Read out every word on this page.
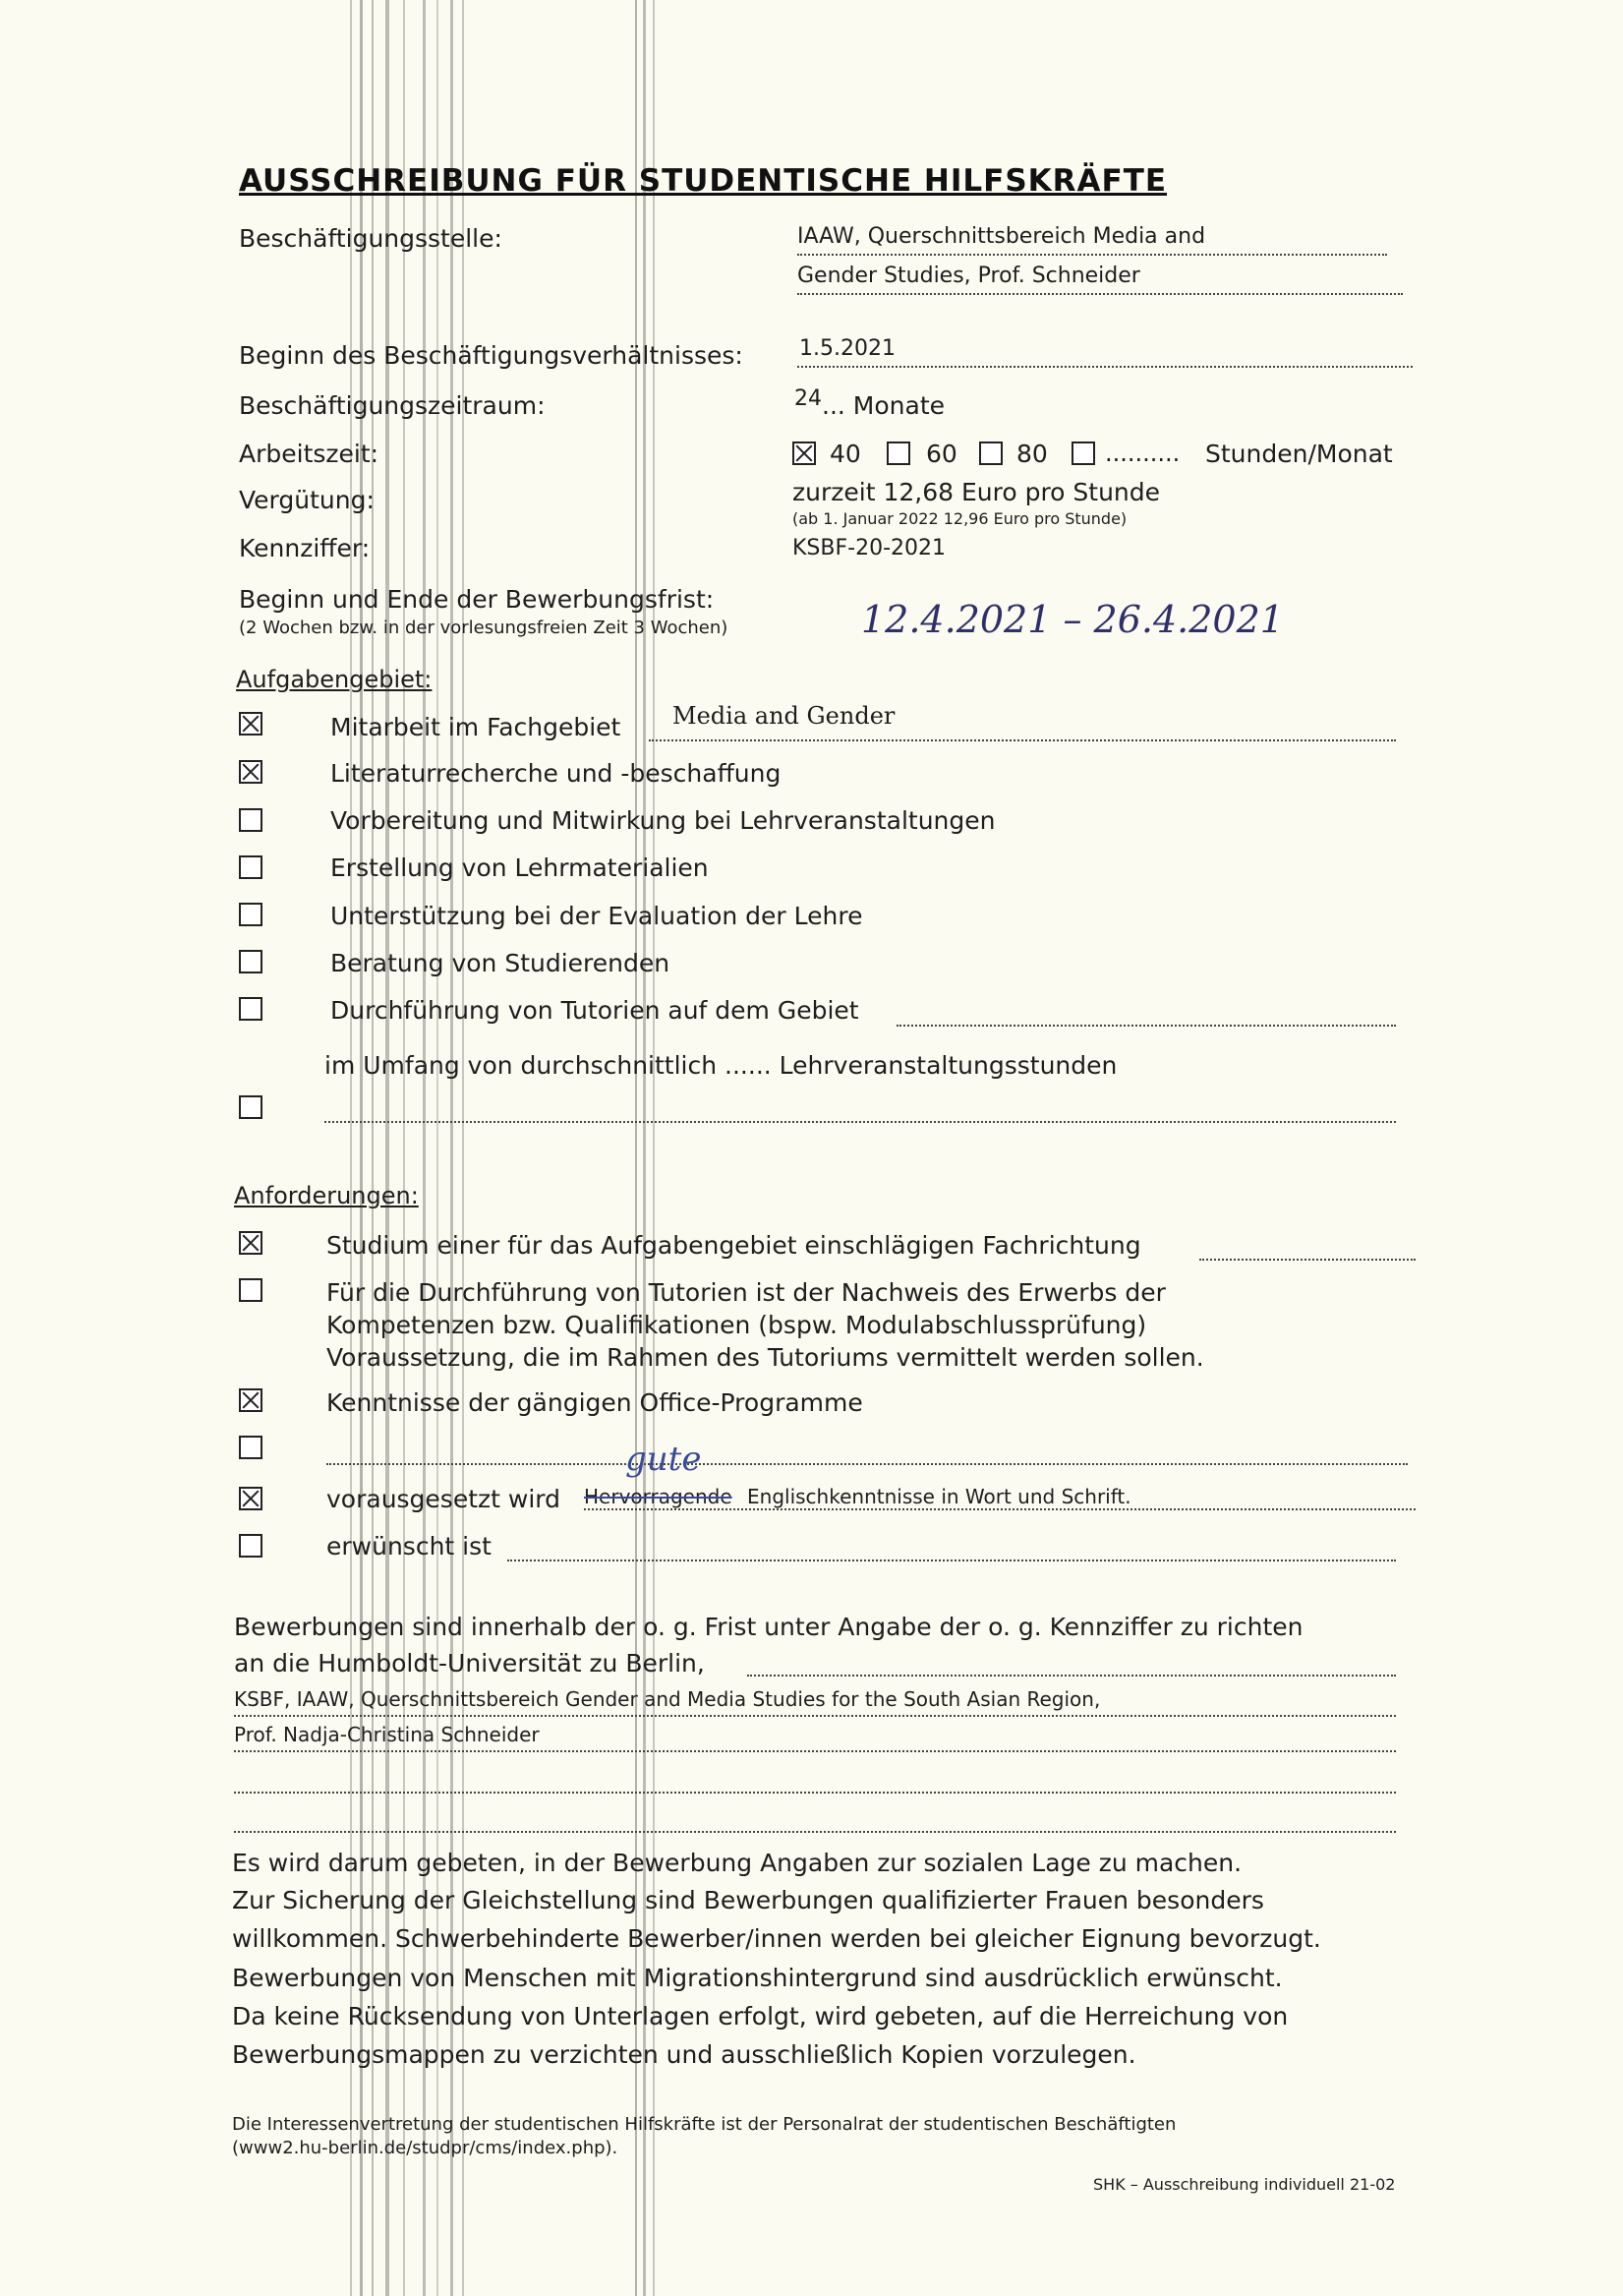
AUSSCHREIBUNG FÜR STUDENTISCHE HILFSKRÄFTE
Beschäftigungsstelle:	IAAW, Querschnittsbereich Media and
Gender Studies, Prof. Schneider
Beginn des Beschäftigungsverhältnisses:	1.5.2021
Beschäftigungszeitraum:	24 ... Monate
Arbeitszeit:	40	60 80 .......... Stunden/Monat
Vergütung:	zurzeit 12,68 Euro pro Stunde
(ab 1. Januar 2022 12,96 Euro pro Stunde)
Kennziffer:	KSBF-20-2021
Beginn und Ende der Bewerbungsfrist:
(2 Wochen bzw. in der vorlesungsfreien Zeit 3 Wochen)	12.4.2021 – 26.4.2021
Aufgabengebiet:
Mitarbeit im Fachgebiet Media and Gender
Literaturrecherche und -beschaffung
Vorbereitung und Mitwirkung bei Lehrveranstaltungen
Erstellung von Lehrmaterialien
Unterstützung bei der Evaluation der Lehre
Beratung von Studierenden
Durchführung von Tutorien auf dem Gebiet
im Umfang von durchschnittlich ...... Lehrveranstaltungsstunden
Anforderungen:
Studium einer für das Aufgabengebiet einschlägigen Fachrichtung
Für die Durchführung von Tutorien ist der Nachweis des Erwerbs der
Kompetenzen bzw. Qualifikationen (bspw. Modulabschlussprüfung)
Voraussetzung, die im Rahmen des Tutoriums vermittelt werden sollen.
Kenntnisse der gängigen Office-Programme
vorausgesetzt wird
gute
Hervorragende Englischkenntnisse in Wort und Schrift.
erwünscht ist
Bewerbungen sind innerhalb der o. g. Frist unter Angabe der o. g. Kennziffer zu richten
an die Humboldt-Universität zu Berlin,
KSBF, IAAW, Querschnittsbereich Gender and Media Studies for the South Asian Region,
Prof. Nadja-Christina Schneider
Es wird darum gebeten, in der Bewerbung Angaben zur sozialen Lage zu machen.
Zur Sicherung der Gleichstellung sind Bewerbungen qualifizierter Frauen besonders
willkommen. Schwerbehinderte Bewerber/innen werden bei gleicher Eignung bevorzugt.
Bewerbungen von Menschen mit Migrationshintergrund sind ausdrücklich erwünscht.
Da keine Rücksendung von Unterlagen erfolgt, wird gebeten, auf die Herreichung von
Bewerbungsmappen zu verzichten und ausschließlich Kopien vorzulegen.
Die Interessenvertretung der studentischen Hilfskräfte ist der Personalrat der studentischen Beschäftigten
(www2.hu-berlin.de/studpr/cms/index.php).
SHK – Ausschreibung individuell 21-02
